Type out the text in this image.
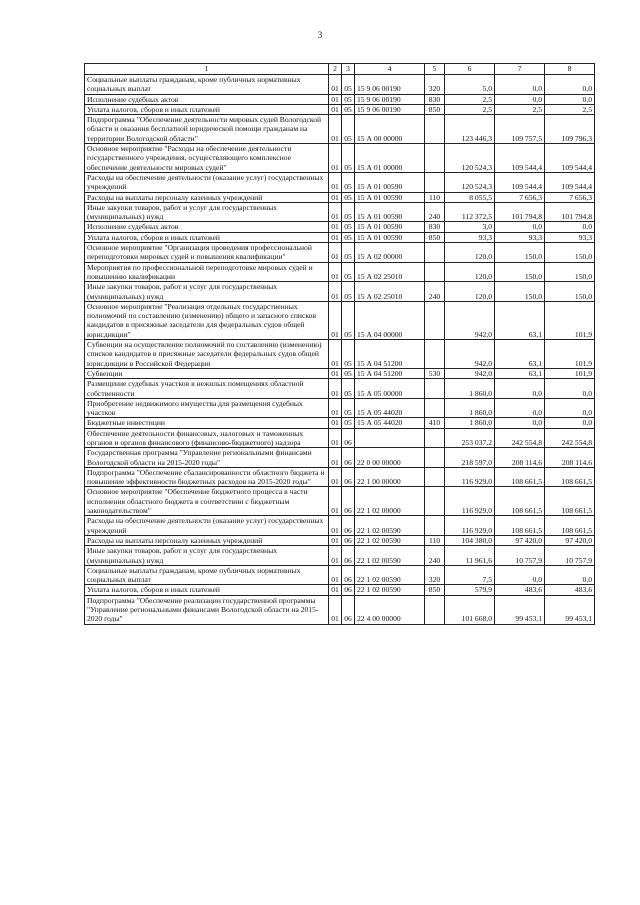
3
1	2	3	4	5	6	7	8
Социальные выплаты гражданам, кроме публичных нормативных социальных выплат	01	05	15 9 06 00190	320	5,0	0,0	0,0
Исполнение судебных актов	01	05	15 9 06 00190	830	2,5	0,0	0,0
Уплата налогов, сборов и иных платежей	01	05	15 9 06 00190	850	2,5	2,5	2,5
Подпрограмма "Обеспечение деятельности мировых судей Вологодской области и оказания бесплатной юридической помощи гражданам на территории Вологодской области"	01	05	15 А 00 00000		123 446,3	109 757,5	109 796,3
Основное мероприятие "Расходы на обеспечение деятельности государственного учреждения, осуществляющего комплексное обеспечение деятельности мировых судей"	01	05	15 А 01 00000		120 524,3	109 544,4	109 544,4
Расходы на обеспечение деятельности (оказание услуг) государственных учреждений	01	05	15 А 01 00590		120 524,3	109 544,4	109 544,4
Расходы на выплаты персоналу казенных учреждений	01	05	15 А 01 00590	110	8 055,5	7 656,3	7 656,3
Иные закупки товаров, работ и услуг для государственных (муниципальных) нужд	01	05	15 А 01 00590	240	112 372,5	101 794,8	101 794,8
Исполнение судебных актов	01	05	15 А 01 00590	830	3,0	0,0	0,0
Уплата налогов, сборов и иных платежей	01	05	15 А 01 00590	850	93,3	93,3	93,3
Основное мероприятие "Организация проведения профессиональной переподготовки мировых судей и повышения квалификации"	01	05	15 А 02 00000		120,0	150,0	150,0
Мероприятия по профессиональной переподготовке мировых судей и повышению квалификации	01	05	15 А 02 25010		120,0	150,0	150,0
Иные закупки товаров, работ и услуг для государственных (муниципальных) нужд	01	05	15 А 02 25010	240	120,0	150,0	150,0
Основное мероприятие "Реализация отдельных государственных полномочий по составлению (изменению) общего и запасного списков кандидатов в присяжные заседатели для федеральных судов общей юрисдикции"	01	05	15 А 04 00000		942,0	63,1	101,9
Субвенции на осуществление полномочий по составлению (изменению) списков кандидатов в присяжные заседатели федеральных судов общей юрисдикции в Российской Федерации	01	05	15 А 04 51200		942,0	63,1	101,9
Субвенции	01	05	15 А 04 51200	530	942,0	63,1	101,9
Размещение судебных участков в нежилых помещениях областной собственности	01	05	15 А 05 00000		1 860,0	0,0	0,0
Приобретение недвижимого имущества для размещения судебных участков	01	05	15 А 05 44020		1 860,0	0,0	0,0
Бюджетные инвестиции	01	05	15 А 05 44020	410	1 860,0	0,0	0,0
Обеспечение деятельности финансовых, налоговых и таможенных органов и органов финансового (финансово-бюджетного) надзора	01	06			253 037,2	242 554,8	242 554,8
Государственная программа "Управление региональными финансами Вологодской области на 2015-2020 годы"	01	06	22 0 00 00000		218 597,0	208 114,6	208 114,6
Подпрограмма "Обеспечение сбалансированности областного бюджета и повышение эффективности бюджетных расходов на 2015-2020 годы"	01	06	22 1 00 00000		116 929,0	108 661,5	108 661,5
Основное мероприятие "Обеспечение бюджетного процесса в части исполнения областного бюджета в соответствии с бюджетным законодательством"	01	06	22 1 02 00000		116 929,0	108 661,5	108 661,5
Расходы на обеспечение деятельности (оказание услуг) государственных учреждений	01	06	22 1 02 00590		116 929,0	108 661,5	108 661,5
Расходы на выплаты персоналу казенных учреждений	01	06	22 1 02 00590	110	104 380,0	97 420,0	97 420,0
Иные закупки товаров, работ и услуг для государственных (муниципальных) нужд	01	06	22 1 02 00590	240	11 961,6	10 757,9	10 757,9
Социальные выплаты гражданам, кроме публичных нормативных социальных выплат	01	06	22 1 02 00590	320	7,5	0,0	0,0
Уплата налогов, сборов и иных платежей	01	06	22 1 02 00590	850	579,9	483,6	483,6
Подпрограмма "Обеспечение реализации государственной программы "Управление региональными финансами Вологодской области на 2015-2020 годы"	01	06	22 4 00 00000		101 668,0	99 453,1	99 453,1
